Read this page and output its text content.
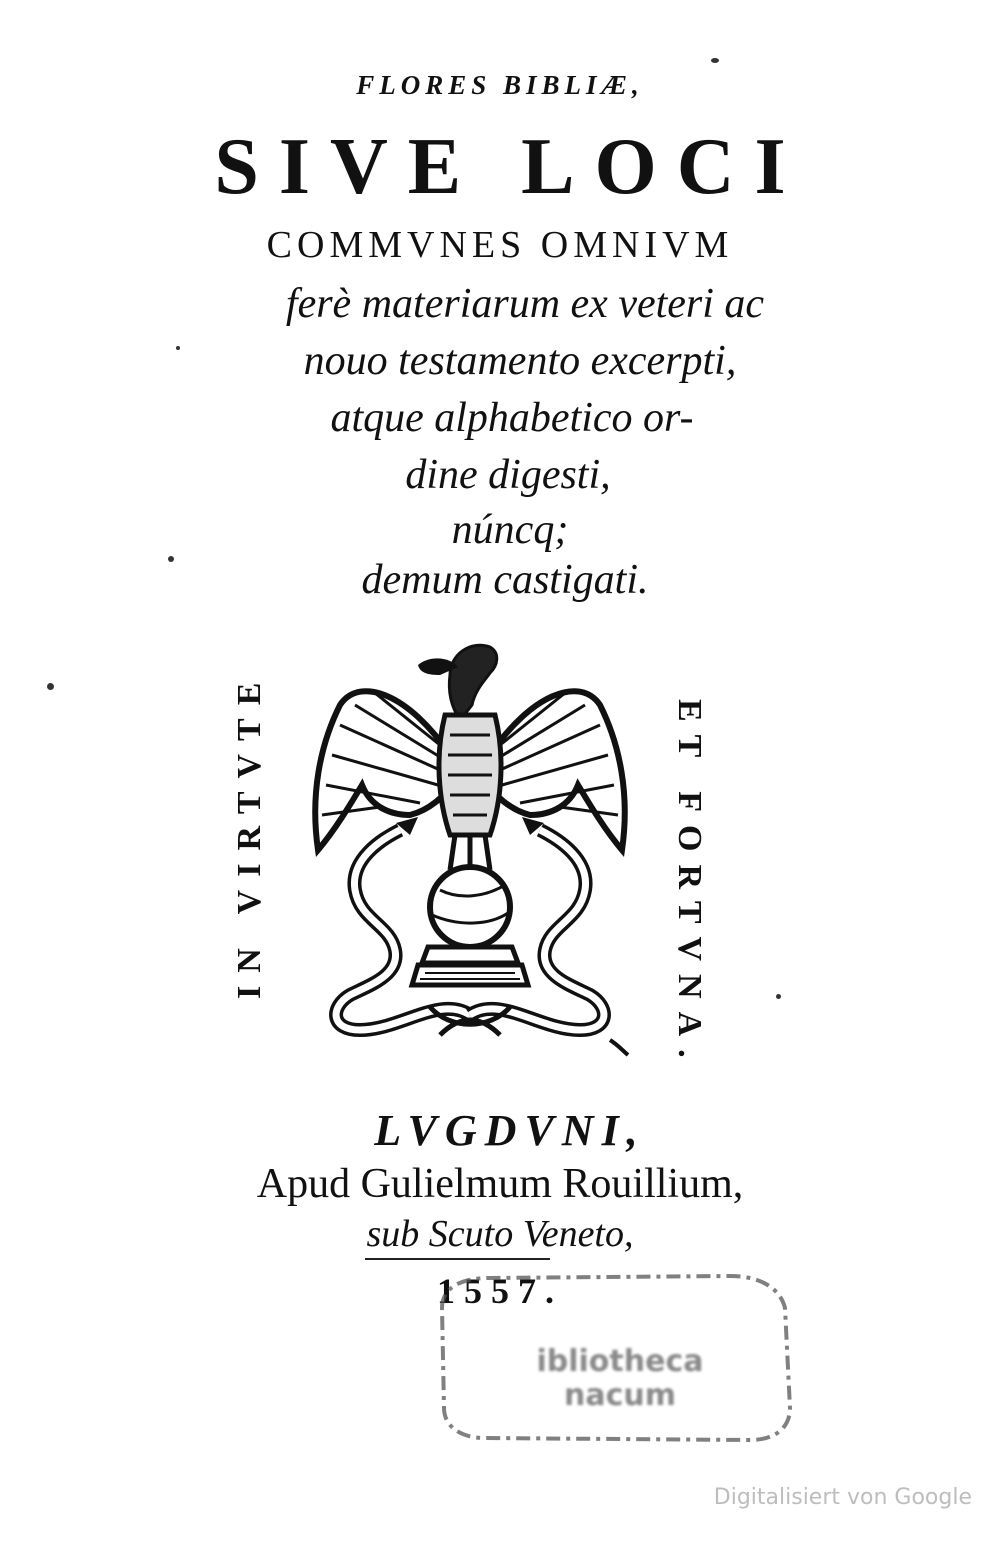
FLORES BIBLIÆ,
SIVE LOCI
COMMVNES OMNIVM
ferè materiarum ex veteri ac
nouo testamento excerpti,
atque alphabetico or-
dine digesti,
núncq;
demum castigati.
IN VIRTVTE	ET FORTVNA.
LVGDVNI,
Apud Gulielmum Rouillium,
sub Scuto Veneto,
1557.
ibliotheca
nacum
Digitalisiert von Google
